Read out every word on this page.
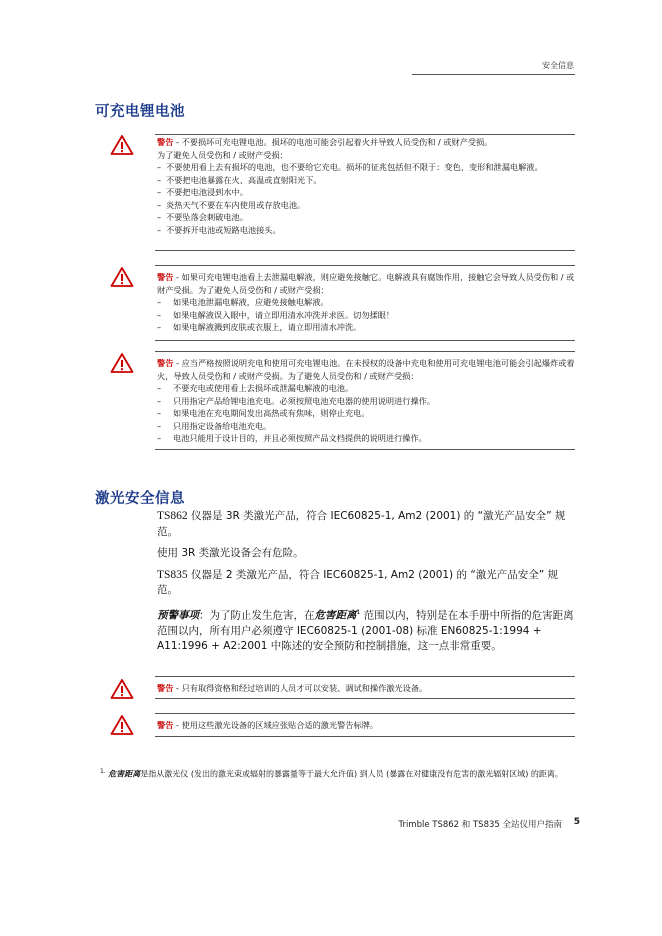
安全信息
可充电锂电池

警告 - 不要损坏可充电锂电池。损坏的电池可能会引起着火并导致人员受伤和 / 或财产受损。

为了避免人员受伤和 / 或财产受损：

– 不要使用看上去有损坏的电池，也不要给它充电。损坏的征兆包括但不限于：变色、变形和泄漏电解液。
– 不要把电池暴露在火、高温或直射阳光下。
– 不要把电池浸到水中。
– 炎热天气不要在车内使用或存放电池。
– 不要坠落会刺破电池。
– 不要拆开电池或短路电池接头。

警告 - 如果可充电锂电池看上去泄漏电解液，则应避免接触它。电解液具有腐蚀作用，接触它会导致人员受伤和 / 或财产受损。为了避免人员受伤和 / 或财产受损：

–	如果电池泄漏电解液，应避免接触电解液。
–	如果电解液误入眼中，请立即用清水冲洗并求医。切勿揉眼！
–	如果电解液溅到皮肤或衣服上，请立即用清水冲洗。

警告 - 应当严格按照说明充电和使用可充电锂电池。在未授权的设备中充电和使用可充电锂电池可能会引起爆炸或着火，导致人员受伤和 / 或财产受损。为了避免人员受伤和 / 或财产受损：

–	不要充电或使用看上去损坏或泄漏电解液的电池。
–	只用指定产品给锂电池充电。必须按照电池充电器的使用说明进行操作。
–	如果电池在充电期间发出高热或有焦味，则停止充电。
–	只用指定设备给电池充电。
–	电池只能用于设计目的，并且必须按照产品文档提供的说明进行操作。
激光安全信息

TS862 仪器是 3R 类激光产品，符合 IEC60825-1, Am2 (2001) 的 “激光产品安全” 规范。

使用 3R 类激光设备会有危险。

TS835 仪器是 2 类激光产品，符合 IEC60825-1, Am2 (2001) 的 “激光产品安全” 规范。

预警事项：为了防止发生危害，在危害距离$^1$ 范围以内，特别是在本手册中所指的危害距离范围以内，所有用户必须遵守 IEC60825-1 (2001-08) 标准 EN60825-1:1994 + A11:1996 + A2:2001 中陈述的安全预防和控制措施，这一点非常重要。

警告 - 只有取得资格和经过培训的人员才可以安装、调试和操作激光设备。

警告 - 使用这些激光设备的区域应张贴合适的激光警告标牌。

$^{1.}$ 危害距离是指从激光仪 (发出的激光束或辐射的暴露量等于最大允许值) 到人员 (暴露在对健康没有危害的激光辐射区域) 的距离。
Trimble TS862 和 TS835 全站仪用户指南 5
